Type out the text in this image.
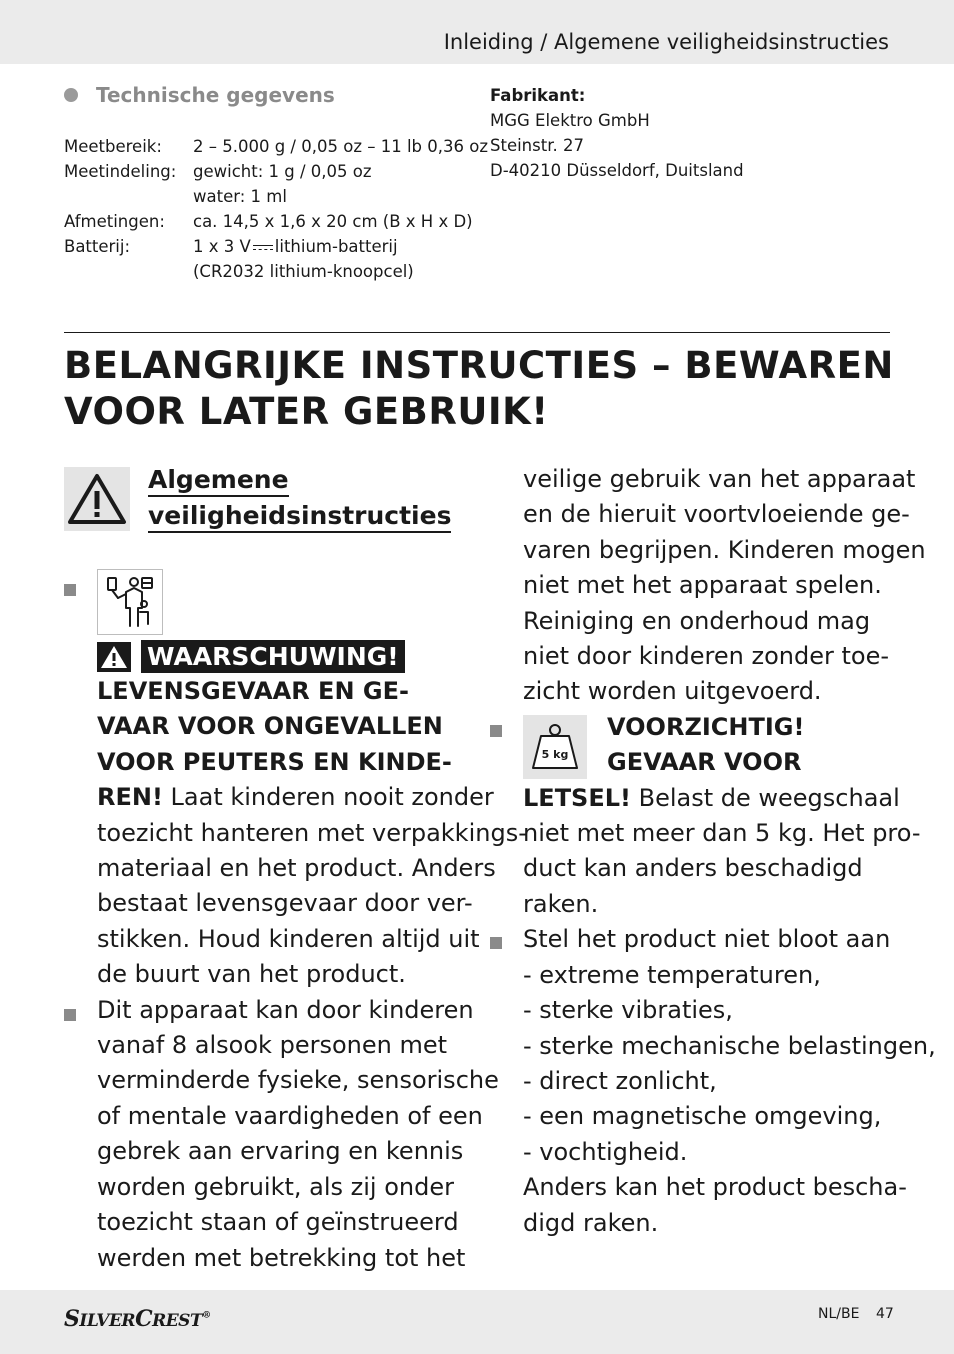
Inleiding / Algemene veiligheidsinstructies
Technische gegevens
Meetbereik:	2 – 5.000 g / 0,05 oz – 11 lb 0,36 oz
Meetindeling:	gewicht: 1 g / 0,05 oz
water: 1 ml
Afmetingen:	ca. 14,5 x 1,6 x 20 cm (B x H x D)
Batterij:	1 x 3 V lithium-batterij
(CR2032 lithium-knoopcel)
Fabrikant:
MGG Elektro GmbH
Steinstr. 27
D-40210 Düsseldorf, Duitsland
BELANGRIJKE INSTRUCTIES – BEWAREN
VOOR LATER GEBRUIK!
Algemene
veiligheidsinstructies
WAARSCHUWING!
LEVENSGEVAAR EN GE-
VAAR VOOR ONGEVALLEN
VOOR PEUTERS EN KINDE-
REN! Laat kinderen nooit zonder
toezicht hanteren met verpakkings-
materiaal en het product. Anders
bestaat levensgevaar door ver-
stikken. Houd kinderen altijd uit
de buurt van het product.
Dit apparaat kan door kinderen
vanaf 8 alsook personen met
verminderde fysieke, sensorische
of mentale vaardigheden of een
gebrek aan ervaring en kennis
worden gebruikt, als zij onder
toezicht staan of geïnstrueerd
werden met betrekking tot het
veilige gebruik van het apparaat
en de hieruit voortvloeiende ge-
varen begrijpen. Kinderen mogen
niet met het apparaat spelen.
Reiniging en onderhoud mag
niet door kinderen zonder toe-
zicht worden uitgevoerd.
VOORZICHTIG!
GEVAAR VOOR
LETSEL! Belast de weegschaal
niet met meer dan 5 kg. Het pro-
duct kan anders beschadigd
raken.
Stel het product niet bloot aan
- extreme temperaturen,
- sterke vibraties,
- sterke mechanische belastingen,
- direct zonlicht,
- een magnetische omgeving,
- vochtigheid.
Anders kan het product bescha-
digd raken.
5 kg
SILVERCREST®	NL/BE 47
